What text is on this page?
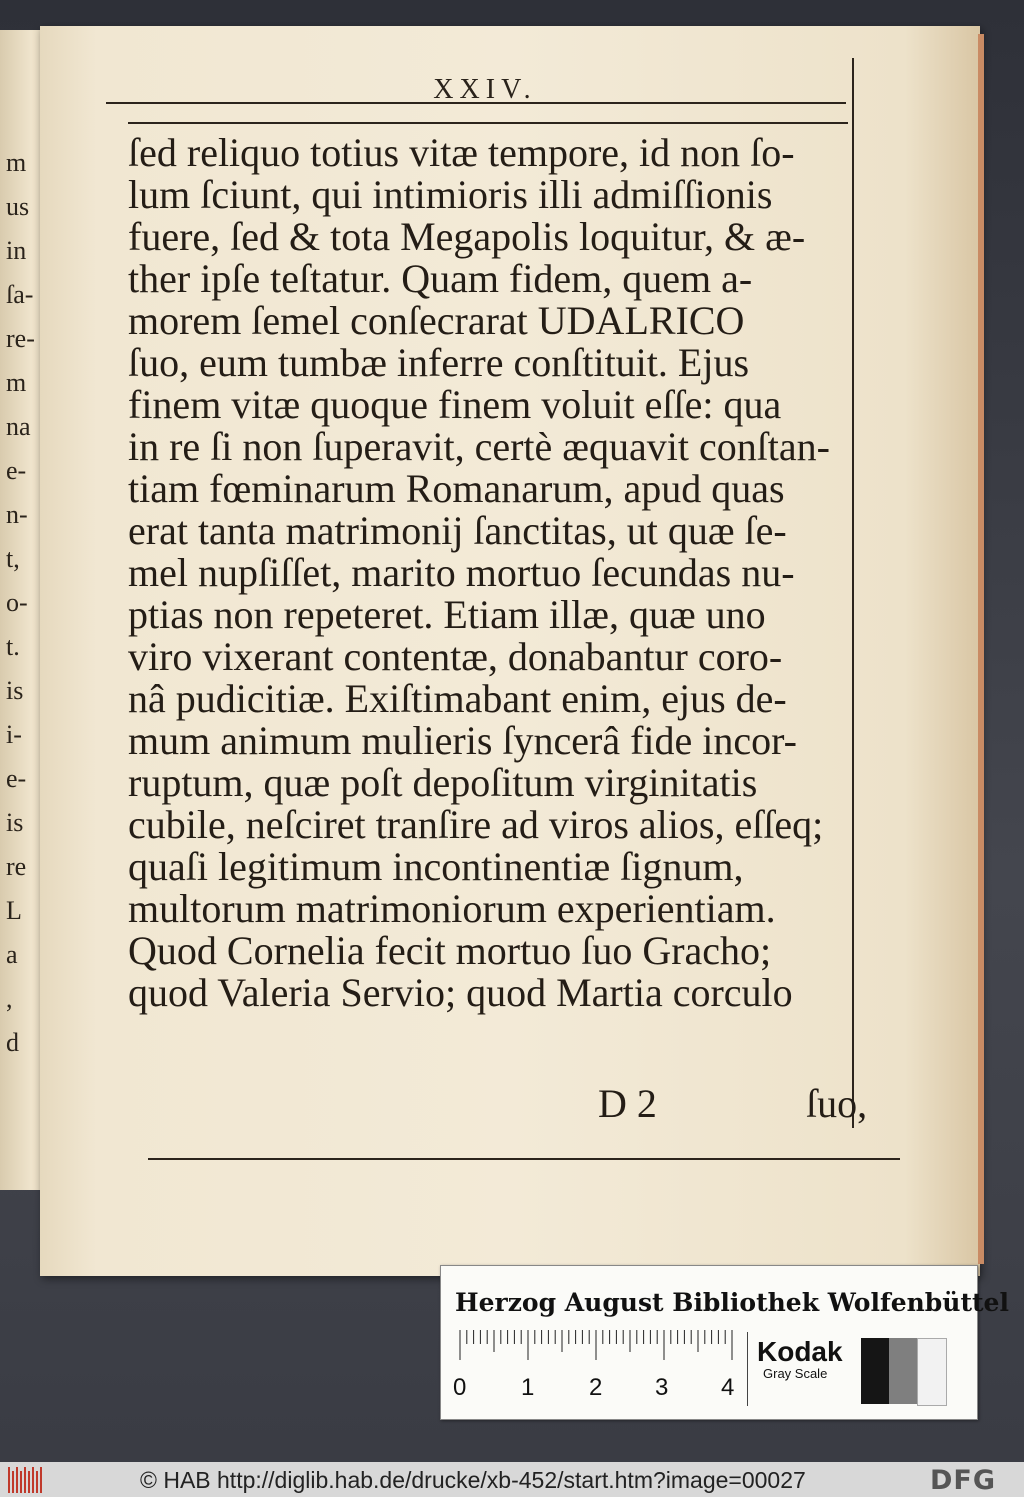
m
us
in
ſa-
re-
m
na
e-
n-
t,
o-
t.
is
i-
e-
is
re
L
a
,
d
XXIV.
ſed reliquo totius vitæ tempore, id non ſo-
lum ſciunt, qui intimioris illi admiſſionis
fuere, ſed & tota Megapolis loquitur, & æ-
ther ipſe teſtatur. Quam fidem, quem a-
morem ſemel conſecrarat UDALRICO
ſuo, eum tumbæ inferre conſtituit. Ejus
finem vitæ quoque finem voluit eſſe: qua
in re ſi non ſuperavit, certè æquavit conſtan-
tiam fœminarum Romanarum, apud quas
erat tanta matrimonij ſanctitas, ut quæ ſe-
mel nupſiſſet, marito mortuo ſecundas nu-
ptias non repeteret. Etiam illæ, quæ uno
viro vixerant contentæ, donabantur coro-
nâ pudicitiæ. Exiſtimabant enim, ejus de-
mum animum mulieris ſyncerâ fide incor-
ruptum, quæ poſt depoſitum virginitatis
cubile, neſciret tranſire ad viros alios, eſſeq;
quaſi legitimum incontinentiæ ſignum,
multorum matrimoniorum experientiam.
Quod Cornelia fecit mortuo ſuo Gracho;
quod Valeria Servio; quod Martia corculo
D 2	ſuo,
Herzog August Bibliothek Wolfenbüttel
0 1 2 3 4
Kodak
Gray Scale
© HAB http://diglib.hab.de/drucke/xb-452/start.htm?image=00027	DFG
